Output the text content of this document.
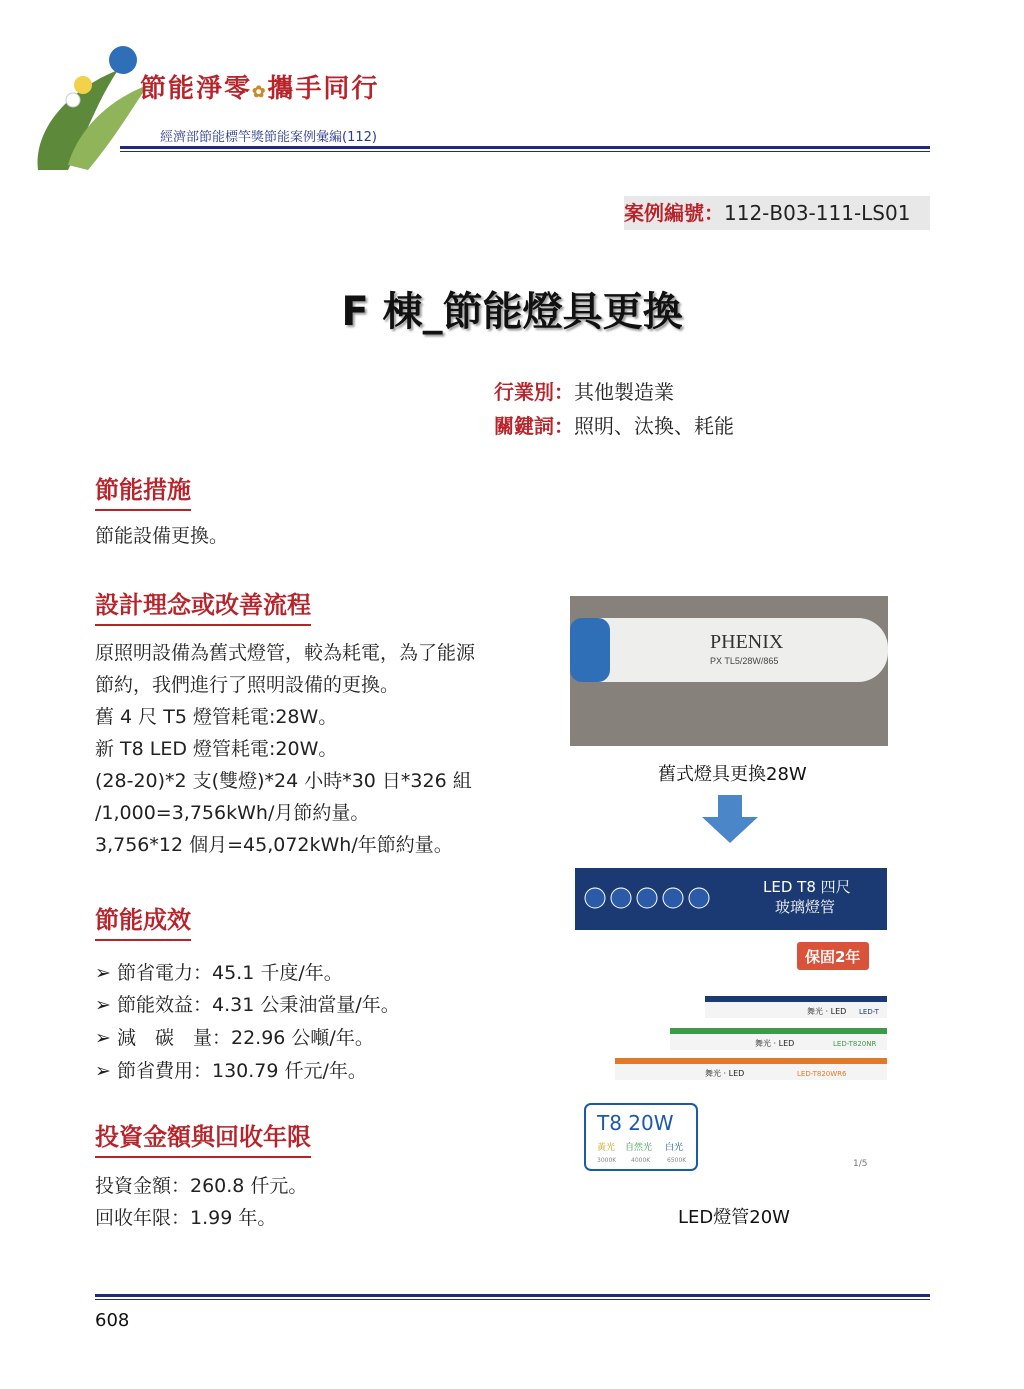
節能淨零✿攜手同行
經濟部節能標竿獎節能案例彙編(112)
案例編號：112-B03-111-LS01
F 棟_節能燈具更換
行業別：其他製造業
關鍵詞：照明、汰換、耗能
節能措施
節能設備更換。
設計理念或改善流程
原照明設備為舊式燈管，較為耗電，為了能源
節約，我們進行了照明設備的更換。
舊 4 尺 T5 燈管耗電:28W。
新 T8 LED 燈管耗電:20W。
(28-20)*2 支(雙燈)*24 小時*30 日*326 組
/1,000=3,756kWh/月節約量。
3,756*12 個月=45,072kWh/年節約量。
節能成效
➢ 節省電力：45.1 千度/年。
➢ 節能效益：4.31 公秉油當量/年。
➢ 減　碳　量：22.96 公噸/年。
➢ 節省費用：130.79 仟元/年。
投資金額與回收年限
投資金額：260.8 仟元。
回收年限：1.99 年。
PHENIX
PX TL5/28W/865
舊式燈具更換28W
LED T8 四尺
玻璃燈管
保固2年
舞光 · LED LED-T
舞光 · LED	LED-T820NR
舞光 · LED	LED-T820WR6
T8 20W
黃光 自然光 白光
3000K 4000K	6500K	1/5
LED燈管20W
608
